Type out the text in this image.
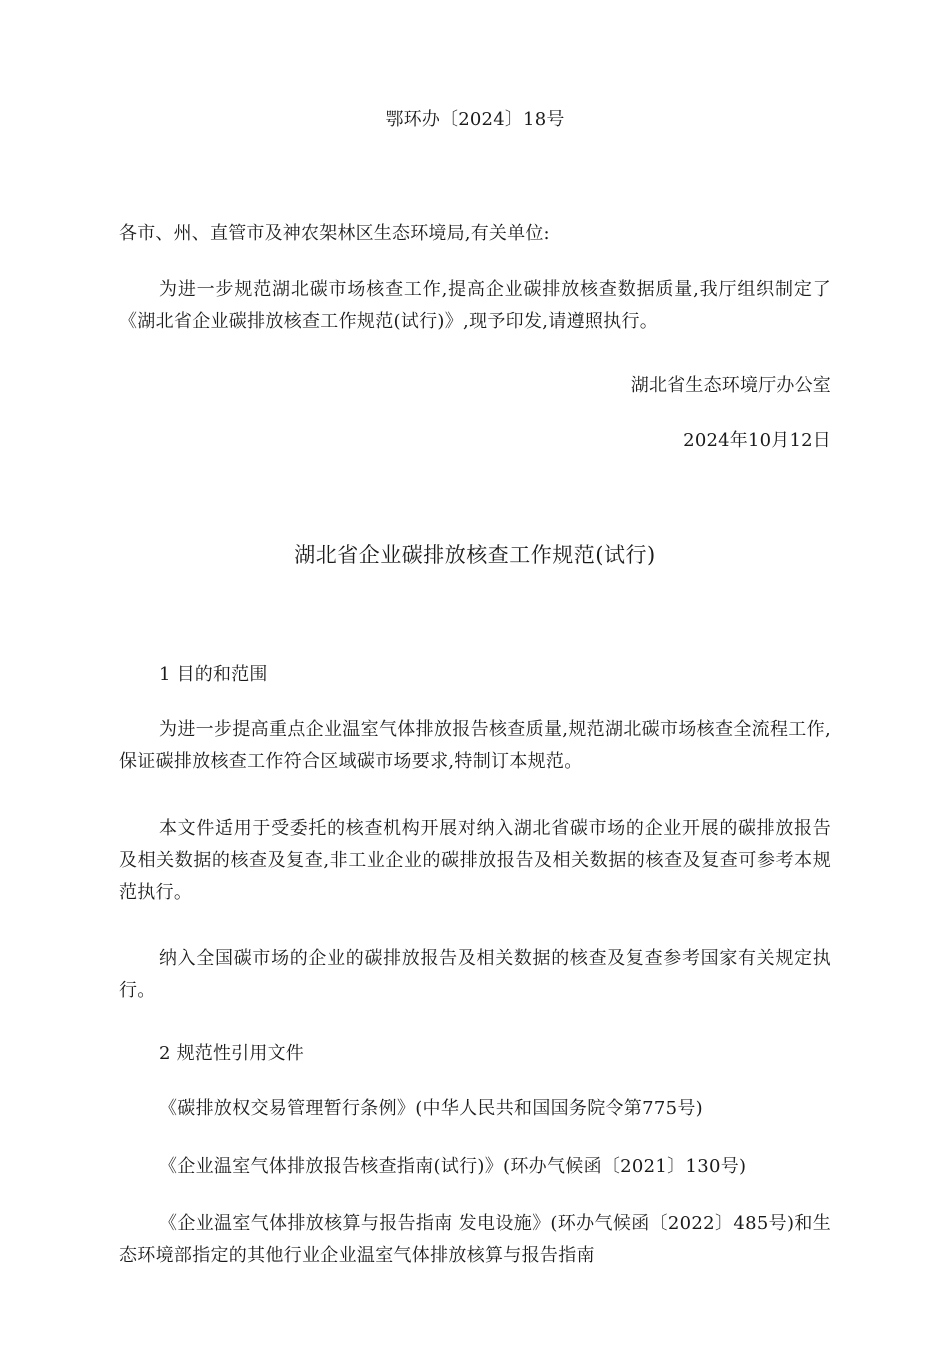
鄂环办〔2024〕18号
各市、州、直管市及神农架林区生态环境局,有关单位:
为进一步规范湖北碳市场核查工作,提高企业碳排放核查数据质量,我厅组织制定了《湖北省企业碳排放核查工作规范(试行)》,现予印发,请遵照执行。
湖北省生态环境厅办公室
2024年10月12日
湖北省企业碳排放核查工作规范(试行)
1 目的和范围
为进一步提高重点企业温室气体排放报告核查质量,规范湖北碳市场核查全流程工作,保证碳排放核查工作符合区域碳市场要求,特制订本规范。
本文件适用于受委托的核查机构开展对纳入湖北省碳市场的企业开展的碳排放报告及相关数据的核查及复查,非工业企业的碳排放报告及相关数据的核查及复查可参考本规范执行。
纳入全国碳市场的企业的碳排放报告及相关数据的核查及复查参考国家有关规定执行。
2 规范性引用文件
《碳排放权交易管理暂行条例》(中华人民共和国国务院令第775号)
《企业温室气体排放报告核查指南(试行)》(环办气候函〔2021〕130号)
《企业温室气体排放核算与报告指南 发电设施》(环办气候函〔2022〕485号)和生态环境部指定的其他行业企业温室气体排放核算与报告指南
